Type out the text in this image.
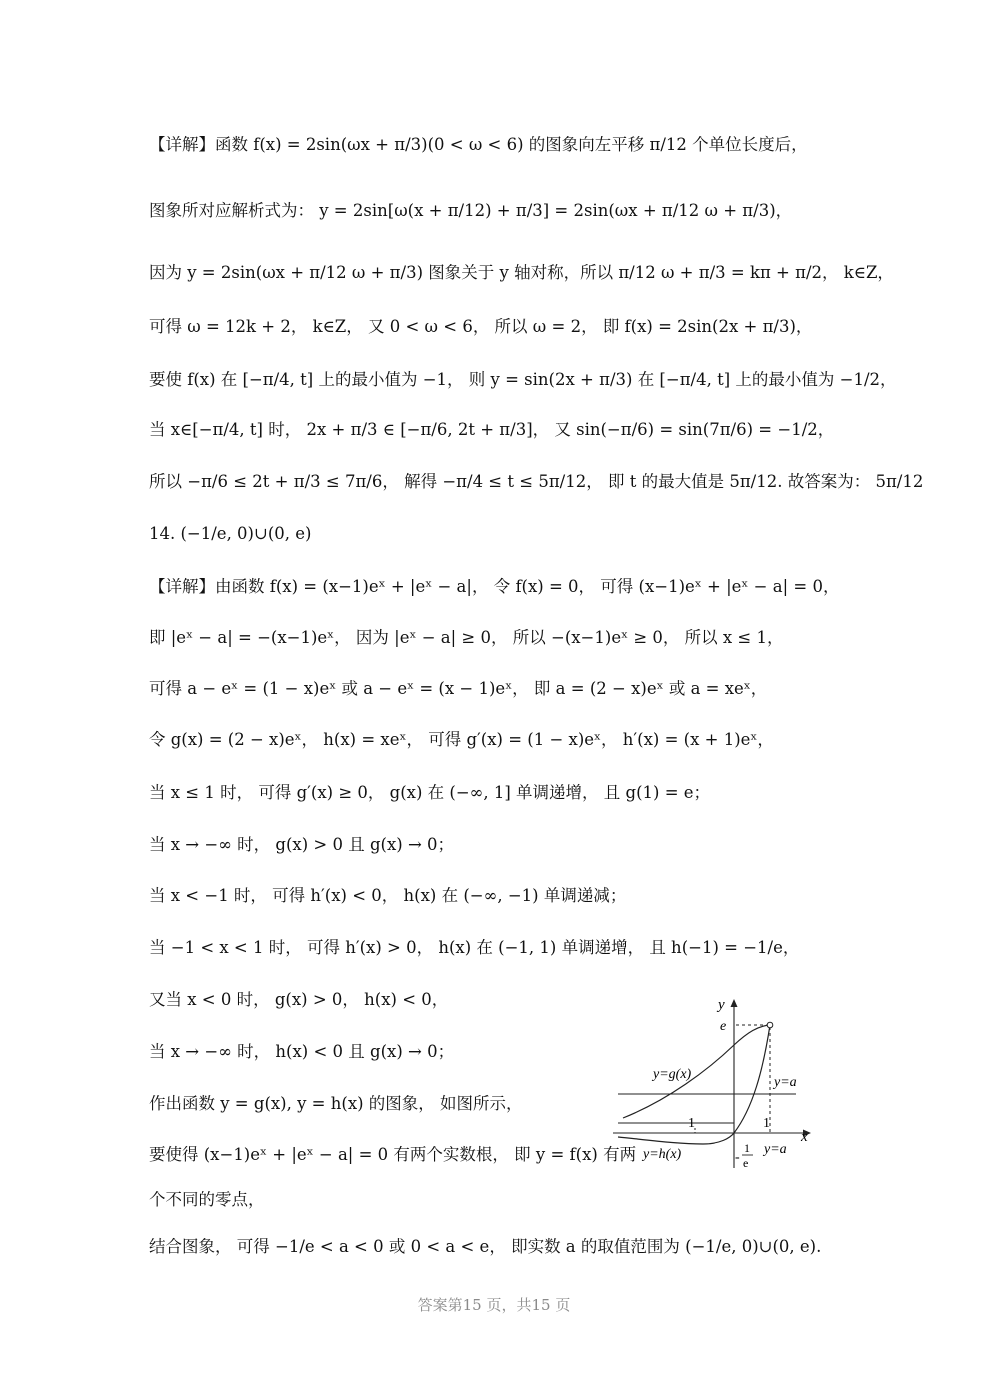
【详解】函数 f(x) = 2sin(ωx + π/3)(0 < ω < 6) 的图象向左平移 π/12 个单位长度后，
图象所对应解析式为： y = 2sin[ω(x + π/12) + π/3] = 2sin(ωx + π/12 ω + π/3)，
因为 y = 2sin(ωx + π/12 ω + π/3) 图象关于 y 轴对称，所以 π/12 ω + π/3 = kπ + π/2， k∈Z，
可得 ω = 12k + 2， k∈Z， 又 0 < ω < 6， 所以 ω = 2， 即 f(x) = 2sin(2x + π/3)，
要使 f(x) 在 [−π/4, t] 上的最小值为 −1， 则 y = sin(2x + π/3) 在 [−π/4, t] 上的最小值为 −1/2，
当 x∈[−π/4, t] 时， 2x + π/3 ∈ [−π/6, 2t + π/3]， 又 sin(−π/6) = sin(7π/6) = −1/2，
所以 −π/6 ≤ 2t + π/3 ≤ 7π/6， 解得 −π/4 ≤ t ≤ 5π/12， 即 t 的最大值是 5π/12. 故答案为： 5π/12
14. (−1/e, 0)∪(0, e)
【详解】由函数 f(x) = (x−1)eˣ + |eˣ − a|， 令 f(x) = 0， 可得 (x−1)eˣ + |eˣ − a| = 0，
即 |eˣ − a| = −(x−1)eˣ， 因为 |eˣ − a| ≥ 0， 所以 −(x−1)eˣ ≥ 0， 所以 x ≤ 1，
可得 a − eˣ = (1 − x)eˣ 或 a − eˣ = (x − 1)eˣ， 即 a = (2 − x)eˣ 或 a = xeˣ，
令 g(x) = (2 − x)eˣ， h(x) = xeˣ， 可得 g′(x) = (1 − x)eˣ， h′(x) = (x + 1)eˣ，
当 x ≤ 1 时， 可得 g′(x) ≥ 0， g(x) 在 (−∞, 1] 单调递增， 且 g(1) = e；
当 x → −∞ 时， g(x) > 0 且 g(x) → 0；
当 x < −1 时， 可得 h′(x) < 0， h(x) 在 (−∞, −1) 单调递减；
当 −1 < x < 1 时， 可得 h′(x) > 0， h(x) 在 (−1, 1) 单调递增， 且 h(−1) = −1/e，
又当 x < 0 时， g(x) > 0， h(x) < 0，
当 x → −∞ 时， h(x) < 0 且 g(x) → 0；
作出函数 y = g(x), y = h(x) 的图象， 如图所示，
要使得 (x−1)eˣ + |eˣ − a| = 0 有两个实数根， 即 y = f(x) 有两
个不同的零点，
结合图象， 可得 −1/e < a < 0 或 0 < a < e， 即实数 a 的取值范围为 (−1/e, 0)∪(0, e).
y
x
e
y=g(x)
y=a
1	1
y=h(x)	y=a
-
1
e
答案第15 页，共15 页
